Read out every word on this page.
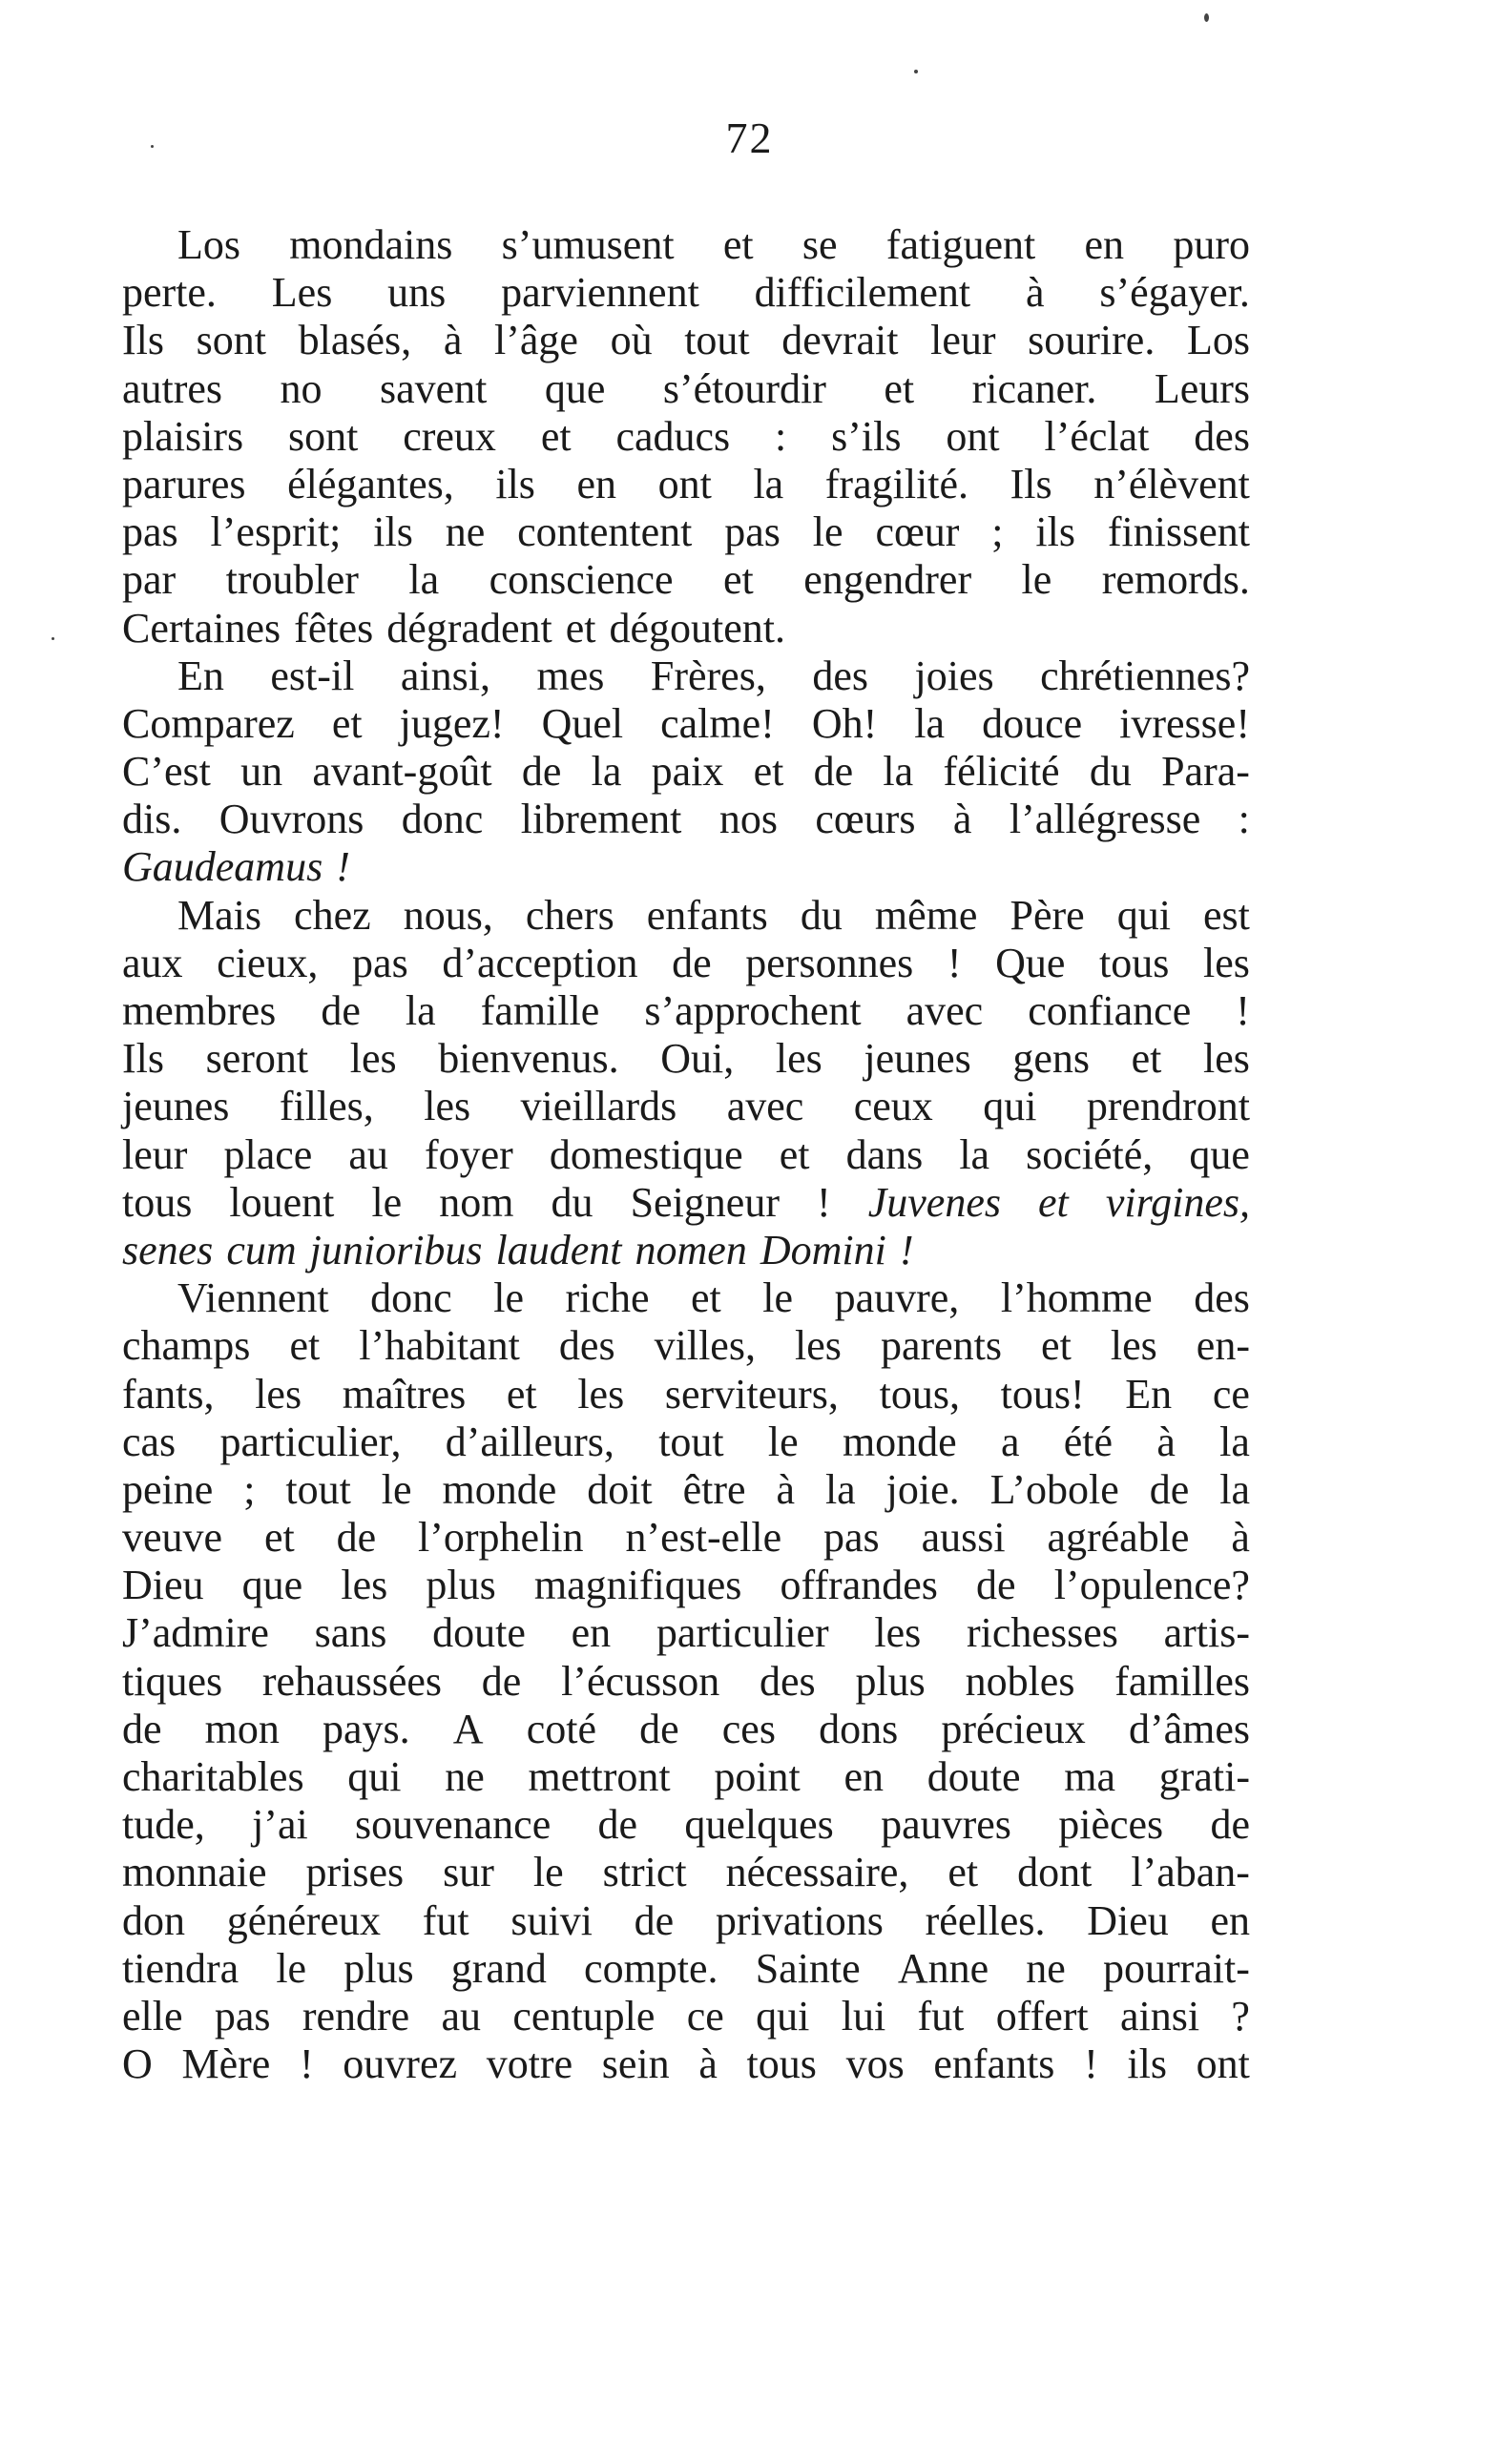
72
Los mondains s’umusent et se fatiguent en puro
perte. Les uns parviennent difficilement à s’égayer.
Ils sont blasés, à l’âge où tout devrait leur sourire. Los
autres no savent que s’étourdir et ricaner. Leurs
plaisirs sont creux et caducs : s’ils ont l’éclat des
parures élégantes, ils en ont la fragilité. Ils n’élèvent
pas l’esprit; ils ne contentent pas le cœur ; ils finissent
par troubler la conscience et engendrer le remords.
Certaines fêtes dégradent et dégoutent.
En est-il ainsi, mes Frères, des joies chrétiennes?
Comparez et jugez! Quel calme! Oh! la douce ivresse!
C’est un avant-goût de la paix et de la félicité du Para-
dis. Ouvrons donc librement nos cœurs à l’allégresse :
Gaudeamus !
Mais chez nous, chers enfants du même Père qui est
aux cieux, pas d’acception de personnes ! Que tous les
membres de la famille s’approchent avec confiance !
Ils seront les bienvenus. Oui, les jeunes gens et les
jeunes filles, les vieillards avec ceux qui prendront
leur place au foyer domestique et dans la société, que
tous louent le nom du Seigneur ! Juvenes et virgines,
senes cum junioribus laudent nomen Domini !
Viennent donc le riche et le pauvre, l’homme des
champs et l’habitant des villes, les parents et les en-
fants, les maîtres et les serviteurs, tous, tous! En ce
cas particulier, d’ailleurs, tout le monde a été à la
peine ; tout le monde doit être à la joie. L’obole de la
veuve et de l’orphelin n’est-elle pas aussi agréable à
Dieu que les plus magnifiques offrandes de l’opulence?
J’admire sans doute en particulier les richesses artis-
tiques rehaussées de l’écusson des plus nobles familles
de mon pays. A coté de ces dons précieux d’âmes
charitables qui ne mettront point en doute ma grati-
tude, j’ai souvenance de quelques pauvres pièces de
monnaie prises sur le strict nécessaire, et dont l’aban-
don généreux fut suivi de privations réelles. Dieu en
tiendra le plus grand compte. Sainte Anne ne pourrait-
elle pas rendre au centuple ce qui lui fut offert ainsi ?
O Mère ! ouvrez votre sein à tous vos enfants ! ils ont
